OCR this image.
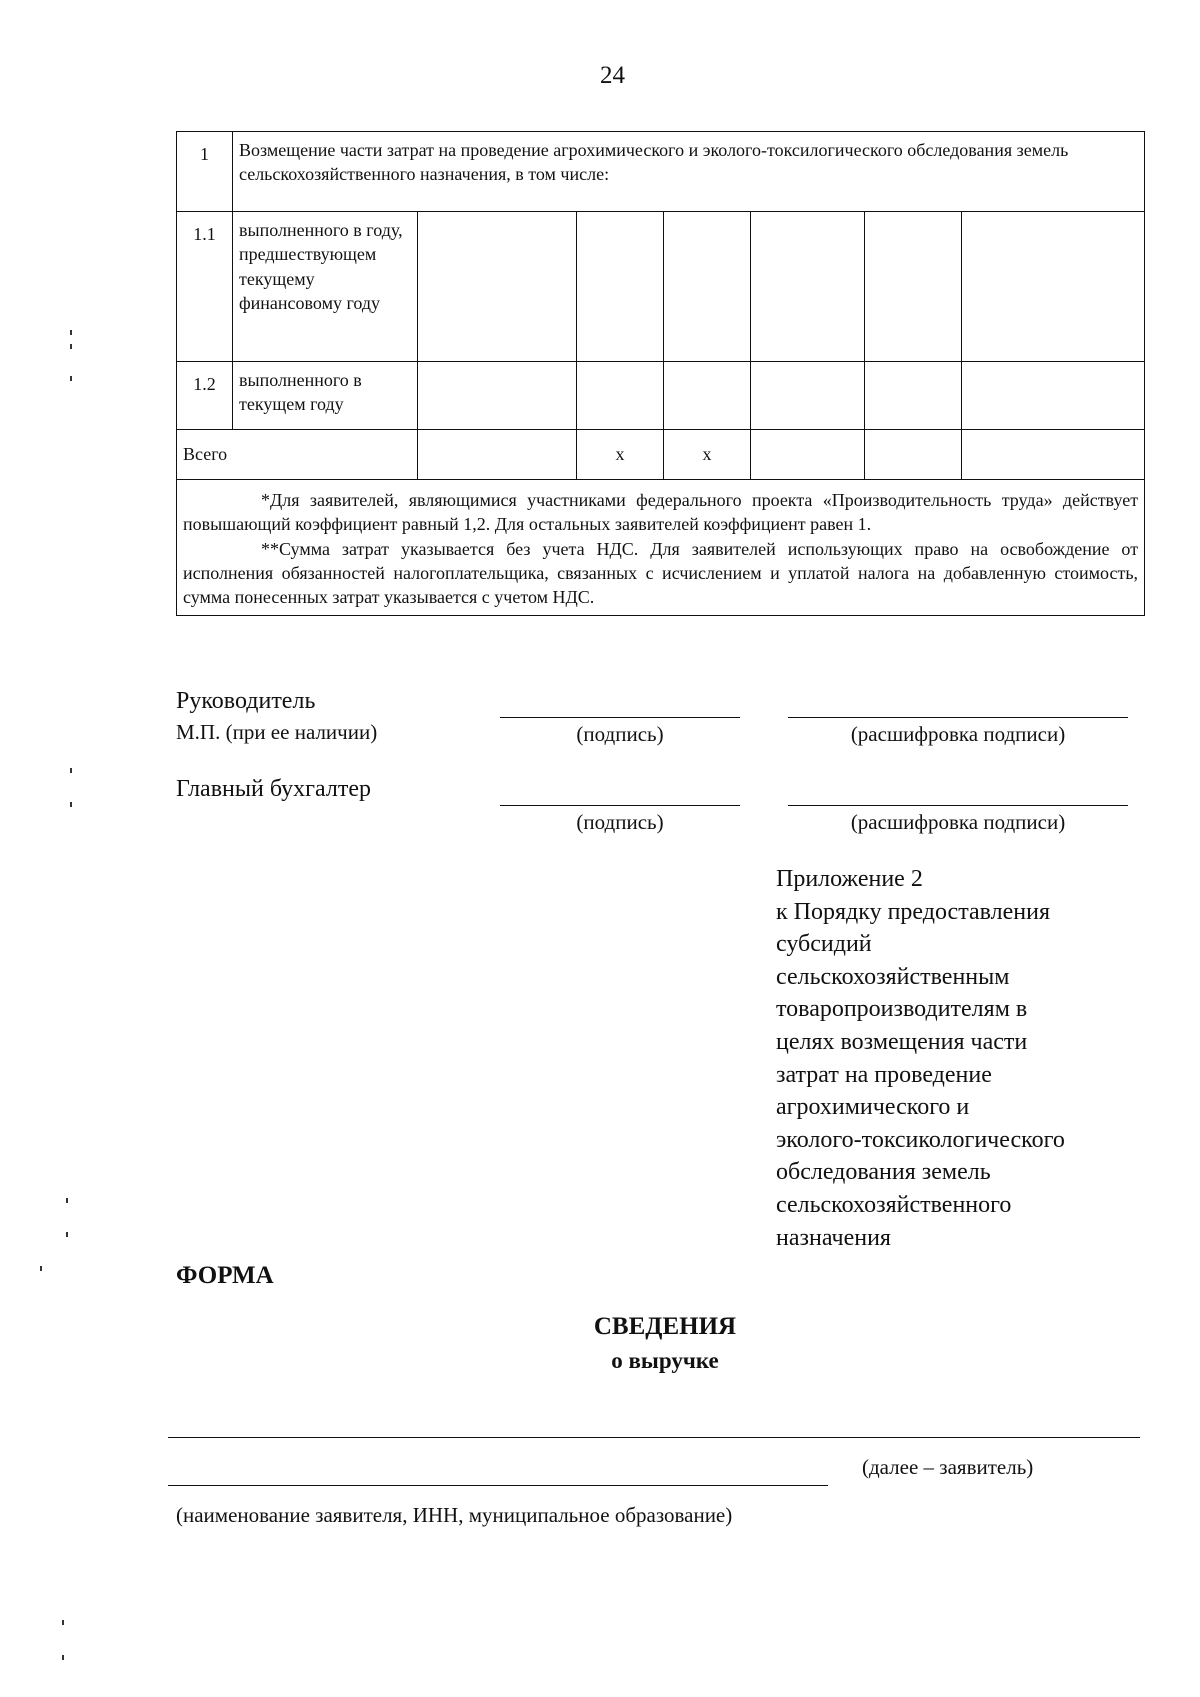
24
1	Возмещение части затрат на проведение агрохимического и эколого-токсилогического обследования земель сельскохозяйственного назначения, в том числе:						
1.1	выполненного в году, предшествующем текущему финансовому году						
1.2	выполненного в текущем году						
Всего			x	x			

*Для заявителей, являющимися участниками федерального проекта «Производительность труда» действует повышающий коэффициент равный 1,2. Для остальных заявителей коэффициент равен 1.

**Сумма затрат указывается без учета НДС. Для заявителей использующих право на освобождение от исполнения обязанностей налогоплательщика, связанных с исчислением и уплатой налога на добавленную стоимость, сумма понесенных затрат указывается с учетом НДС.							

Руководитель
М.П. (при ее наличии)	(подпись)	(расшифровка подписи)
Главный бухгалтер
(подпись)	(расшифровка подписи)
Приложение 2
к Порядку предоставления
субсидий
сельскохозяйственным
товаропроизводителям в
целях возмещения части
затрат на проведение
агрохимического и
эколого-токсикологического
обследования земель
сельскохозяйственного
назначения
ФОРМА
СВЕДЕНИЯ
о выручке
(далее – заявитель)
(наименование заявителя, ИНН, муниципальное образование)
